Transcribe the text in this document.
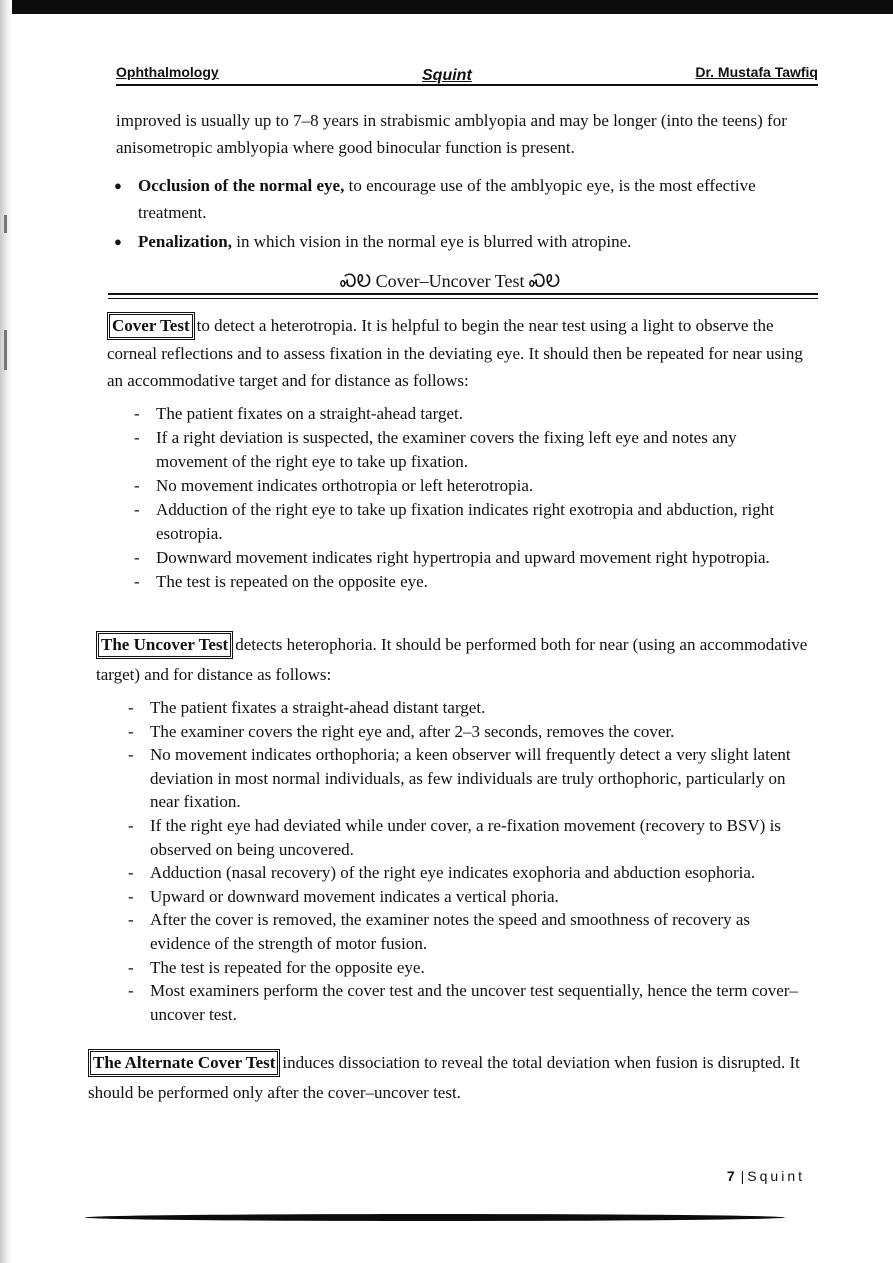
Ophthalmology	Squint	Dr. Mustafa Tawfiq

improved is usually up to 7–8 years in strabismic amblyopia and may be longer (into the teens) for anisometropic amblyopia where good binocular function is present.

● Occlusion of the normal eye, to encourage use of the amblyopic eye, is the most effective treatment.
● Penalization, in which vision in the normal eye is blurred with atropine.
ᏍᎧ Cover–Uncover Test ᏍᎧ

Cover Test to detect a heterotropia. It is helpful to begin the near test using a light to observe the corneal reflections and to assess fixation in the deviating eye. It should then be repeated for near using an accommodative target and for distance as follows:

- The patient fixates on a straight-ahead target.
- If a right deviation is suspected, the examiner covers the fixing left eye and notes any movement of the right eye to take up fixation.
- No movement indicates orthotropia or left heterotropia.
- Adduction of the right eye to take up fixation indicates right exotropia and abduction, right esotropia.
- Downward movement indicates right hypertropia and upward movement right hypotropia.
- The test is repeated on the opposite eye.

The Uncover Test detects heterophoria. It should be performed both for near (using an accommodative target) and for distance as follows:

- The patient fixates a straight-ahead distant target.
- The examiner covers the right eye and, after 2–3 seconds, removes the cover.
- No movement indicates orthophoria; a keen observer will frequently detect a very slight latent deviation in most normal individuals, as few individuals are truly orthophoric, particularly on near fixation.
- If the right eye had deviated while under cover, a re-fixation movement (recovery to BSV) is observed on being uncovered.
- Adduction (nasal recovery) of the right eye indicates exophoria and abduction esophoria.
- Upward or downward movement indicates a vertical phoria.
- After the cover is removed, the examiner notes the speed and smoothness of recovery as evidence of the strength of motor fusion.
- The test is repeated for the opposite eye.
- Most examiners perform the cover test and the uncover test sequentially, hence the term cover–uncover test.

The Alternate Cover Test induces dissociation to reveal the total deviation when fusion is disrupted. It should be performed only after the cover–uncover test.

7 |Squint
